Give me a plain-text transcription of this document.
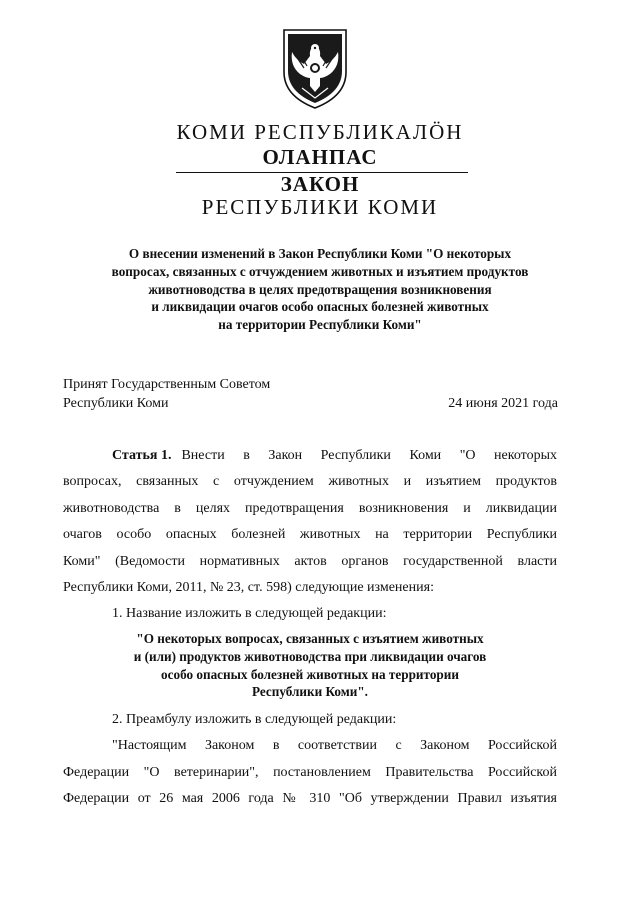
КОМИ РЕСПУБЛИКАЛӦН
ОЛАНПАС
ЗАКОН
РЕСПУБЛИКИ КОМИ
О внесении изменений в Закон Республики Коми "О некоторых
вопросах, связанных с отчуждением животных и изъятием продуктов
животноводства в целях предотвращения возникновения
и ликвидации очагов особо опасных болезней животных
на территории Республики Коми"
Принят Государственным Советом
Республики Коми	24 июня 2021 года
Статья 1. Внести в Закон Республики Коми "О некоторых
вопросах, связанных с отчуждением животных и изъятием продуктов
животноводства в целях предотвращения возникновения и ликвидации
очагов особо опасных болезней животных на территории Республики
Коми" (Ведомости нормативных актов органов государственной власти
Республики Коми, 2011, № 23, ст. 598) следующие изменения:
1. Название изложить в следующей редакции:
"О некоторых вопросах, связанных с изъятием животных
и (или) продуктов животноводства при ликвидации очагов
особо опасных болезней животных на территории
Республики Коми".
2. Преамбулу изложить в следующей редакции:
"Настоящим Законом в соответствии с Законом Российской
Федерации "О ветеринарии", постановлением Правительства Российской
Федерации от 26 мая 2006 года № 310 "Об утверждении Правил изъятия
